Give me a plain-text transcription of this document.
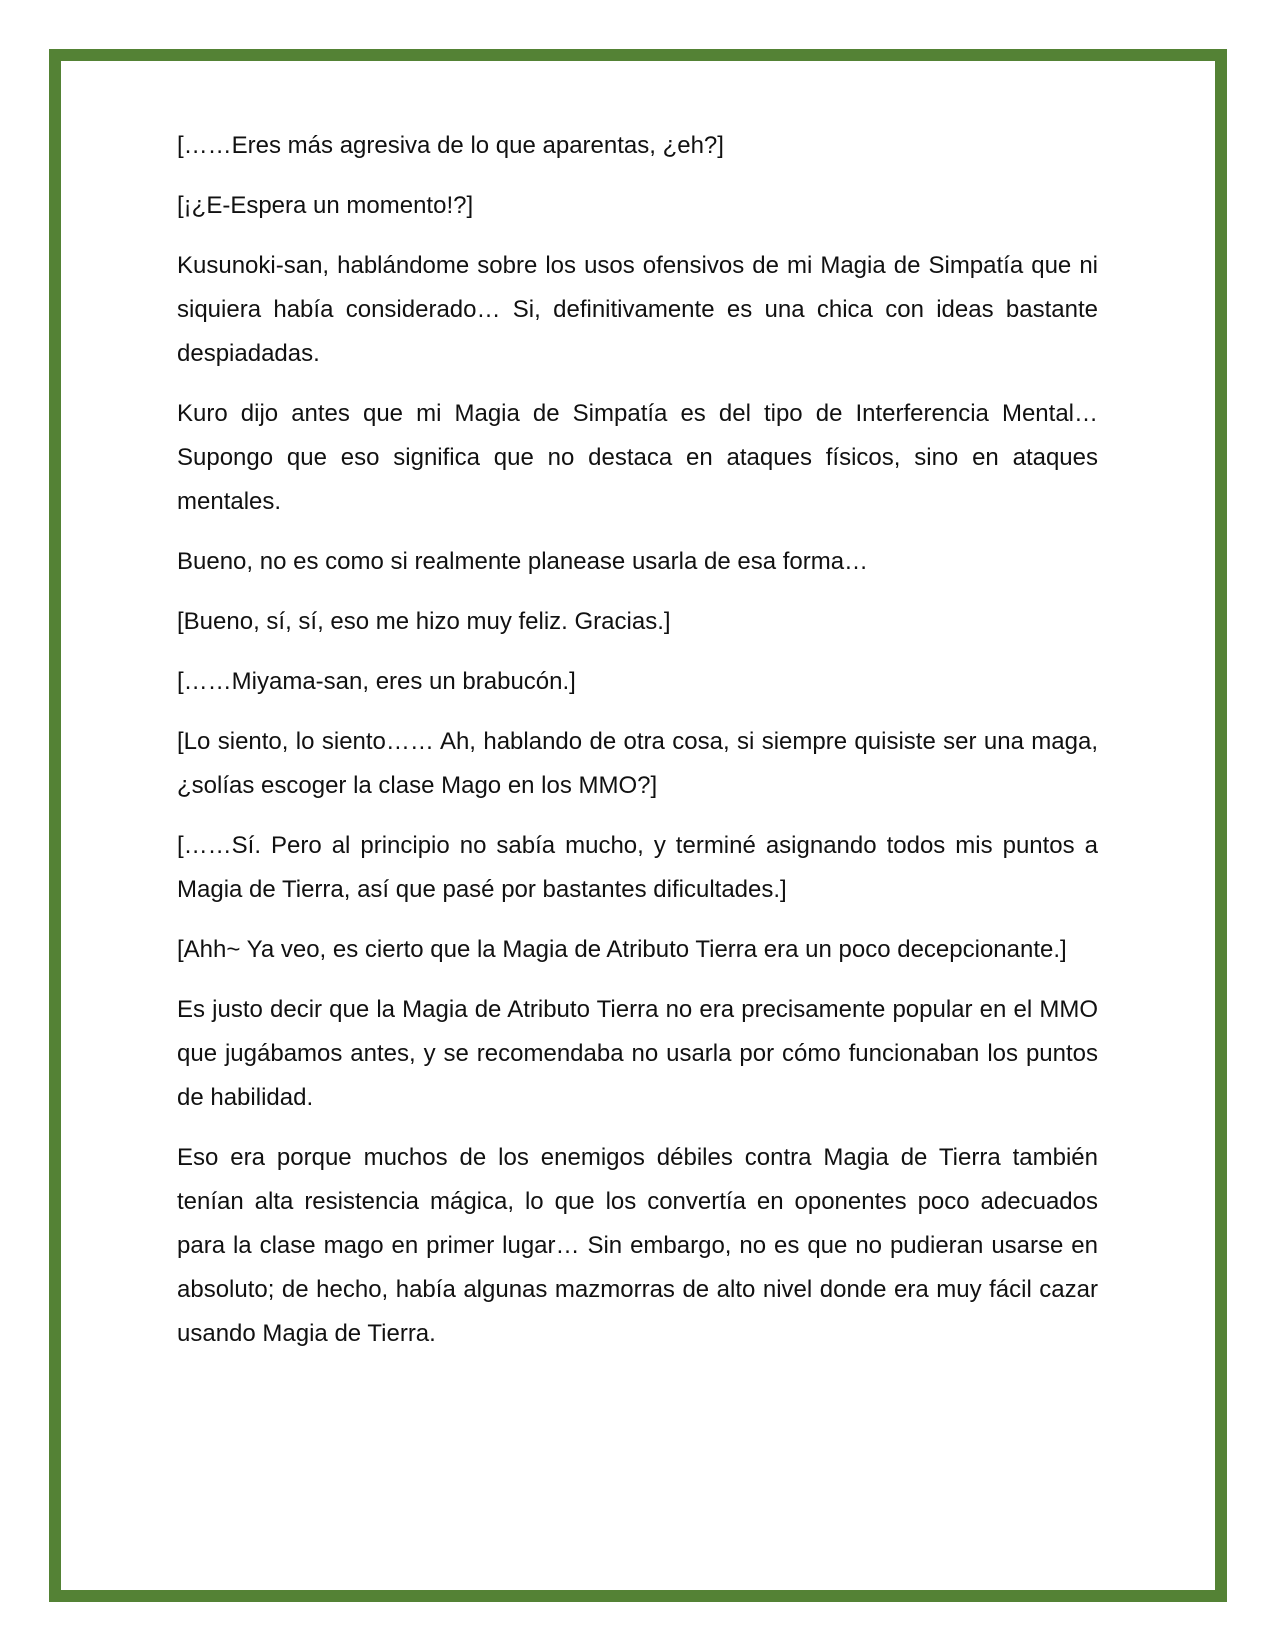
[……Eres más agresiva de lo que aparentas, ¿eh?]

[¡¿E-Espera un momento!?]

Kusunoki-san, hablándome sobre los usos ofensivos de mi Magia de Simpatía que ni siquiera había considerado… Si, definitivamente es una chica con ideas bastante despiadadas.

Kuro dijo antes que mi Magia de Simpatía es del tipo de Interferencia Mental… Supongo que eso significa que no destaca en ataques físicos, sino en ataques mentales.

Bueno, no es como si realmente planease usarla de esa forma…

[Bueno, sí, sí, eso me hizo muy feliz. Gracias.]

[……Miyama-san, eres un brabucón.]

[Lo siento, lo siento…… Ah, hablando de otra cosa, si siempre quisiste ser una maga, ¿solías escoger la clase Mago en los MMO?]

[……Sí. Pero al principio no sabía mucho, y terminé asignando todos mis puntos a Magia de Tierra, así que pasé por bastantes dificultades.]

[Ahh~ Ya veo, es cierto que la Magia de Atributo Tierra era un poco decepcionante.]

Es justo decir que la Magia de Atributo Tierra no era precisamente popular en el MMO que jugábamos antes, y se recomendaba no usarla por cómo funcionaban los puntos de habilidad.

Eso era porque muchos de los enemigos débiles contra Magia de Tierra también tenían alta resistencia mágica, lo que los convertía en oponentes poco adecuados para la clase mago en primer lugar… Sin embargo, no es que no pudieran usarse en absoluto; de hecho, había algunas mazmorras de alto nivel donde era muy fácil cazar usando Magia de Tierra.
